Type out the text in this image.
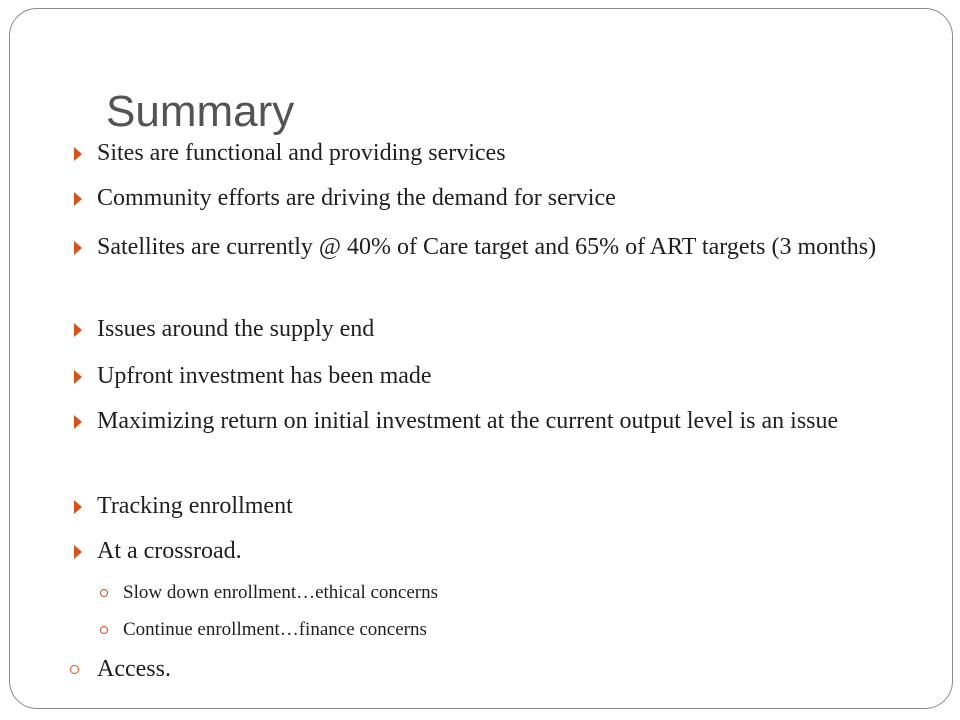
Summary
Sites are functional and providing services
Community efforts are driving the demand for service
Satellites are currently @ 40% of Care target and 65% of ART targets (3 months)
Issues around the supply end
Upfront investment has been made
Maximizing return on initial investment at the current output level is an issue
Tracking enrollment
At a crossroad.
Slow down enrollment…ethical concerns
Continue enrollment…finance concerns
Access.
